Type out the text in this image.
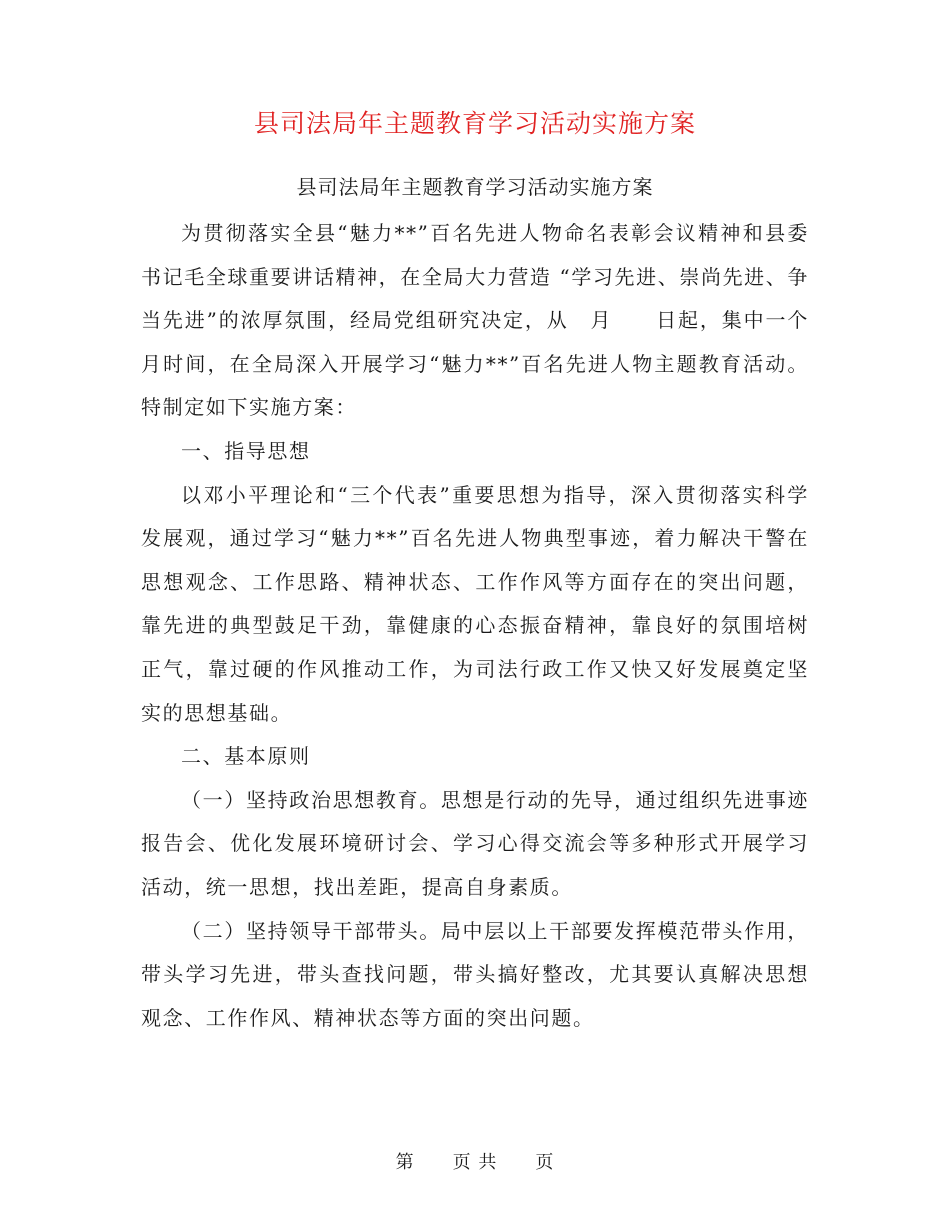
县司法局年主题教育学习活动实施方案
县司法局年主题教育学习活动实施方案

为贯彻落实全县“魅力**”百名先进人物命名表彰会议精神和县委书记毛全球重要讲话精神，在全局大力营造 “学习先进、崇尚先进、争当先进”的浓厚氛围，经局党组研究决定，从　月　　日起，集中一个月时间，在全局深入开展学习“魅力**”百名先进人物主题教育活动。特制定如下实施方案：

一、指导思想

以邓小平理论和“三个代表”重要思想为指导，深入贯彻落实科学发展观，通过学习“魅力**”百名先进人物典型事迹，着力解决干警在思想观念、工作思路、精神状态、工作作风等方面存在的突出问题，靠先进的典型鼓足干劲，靠健康的心态振奋精神，靠良好的氛围培树正气，靠过硬的作风推动工作，为司法行政工作又快又好发展奠定坚实的思想基础。

二、基本原则

（一）坚持政治思想教育。思想是行动的先导，通过组织先进事迹报告会、优化发展环境研讨会、学习心得交流会等多种形式开展学习活动，统一思想，找出差距，提高自身素质。

（二）坚持领导干部带头。局中层以上干部要发挥模范带头作用，带头学习先进，带头查找问题，带头搞好整改，尤其要认真解决思想观念、工作作风、精神状态等方面的突出问题。

第　　页 共　　页
